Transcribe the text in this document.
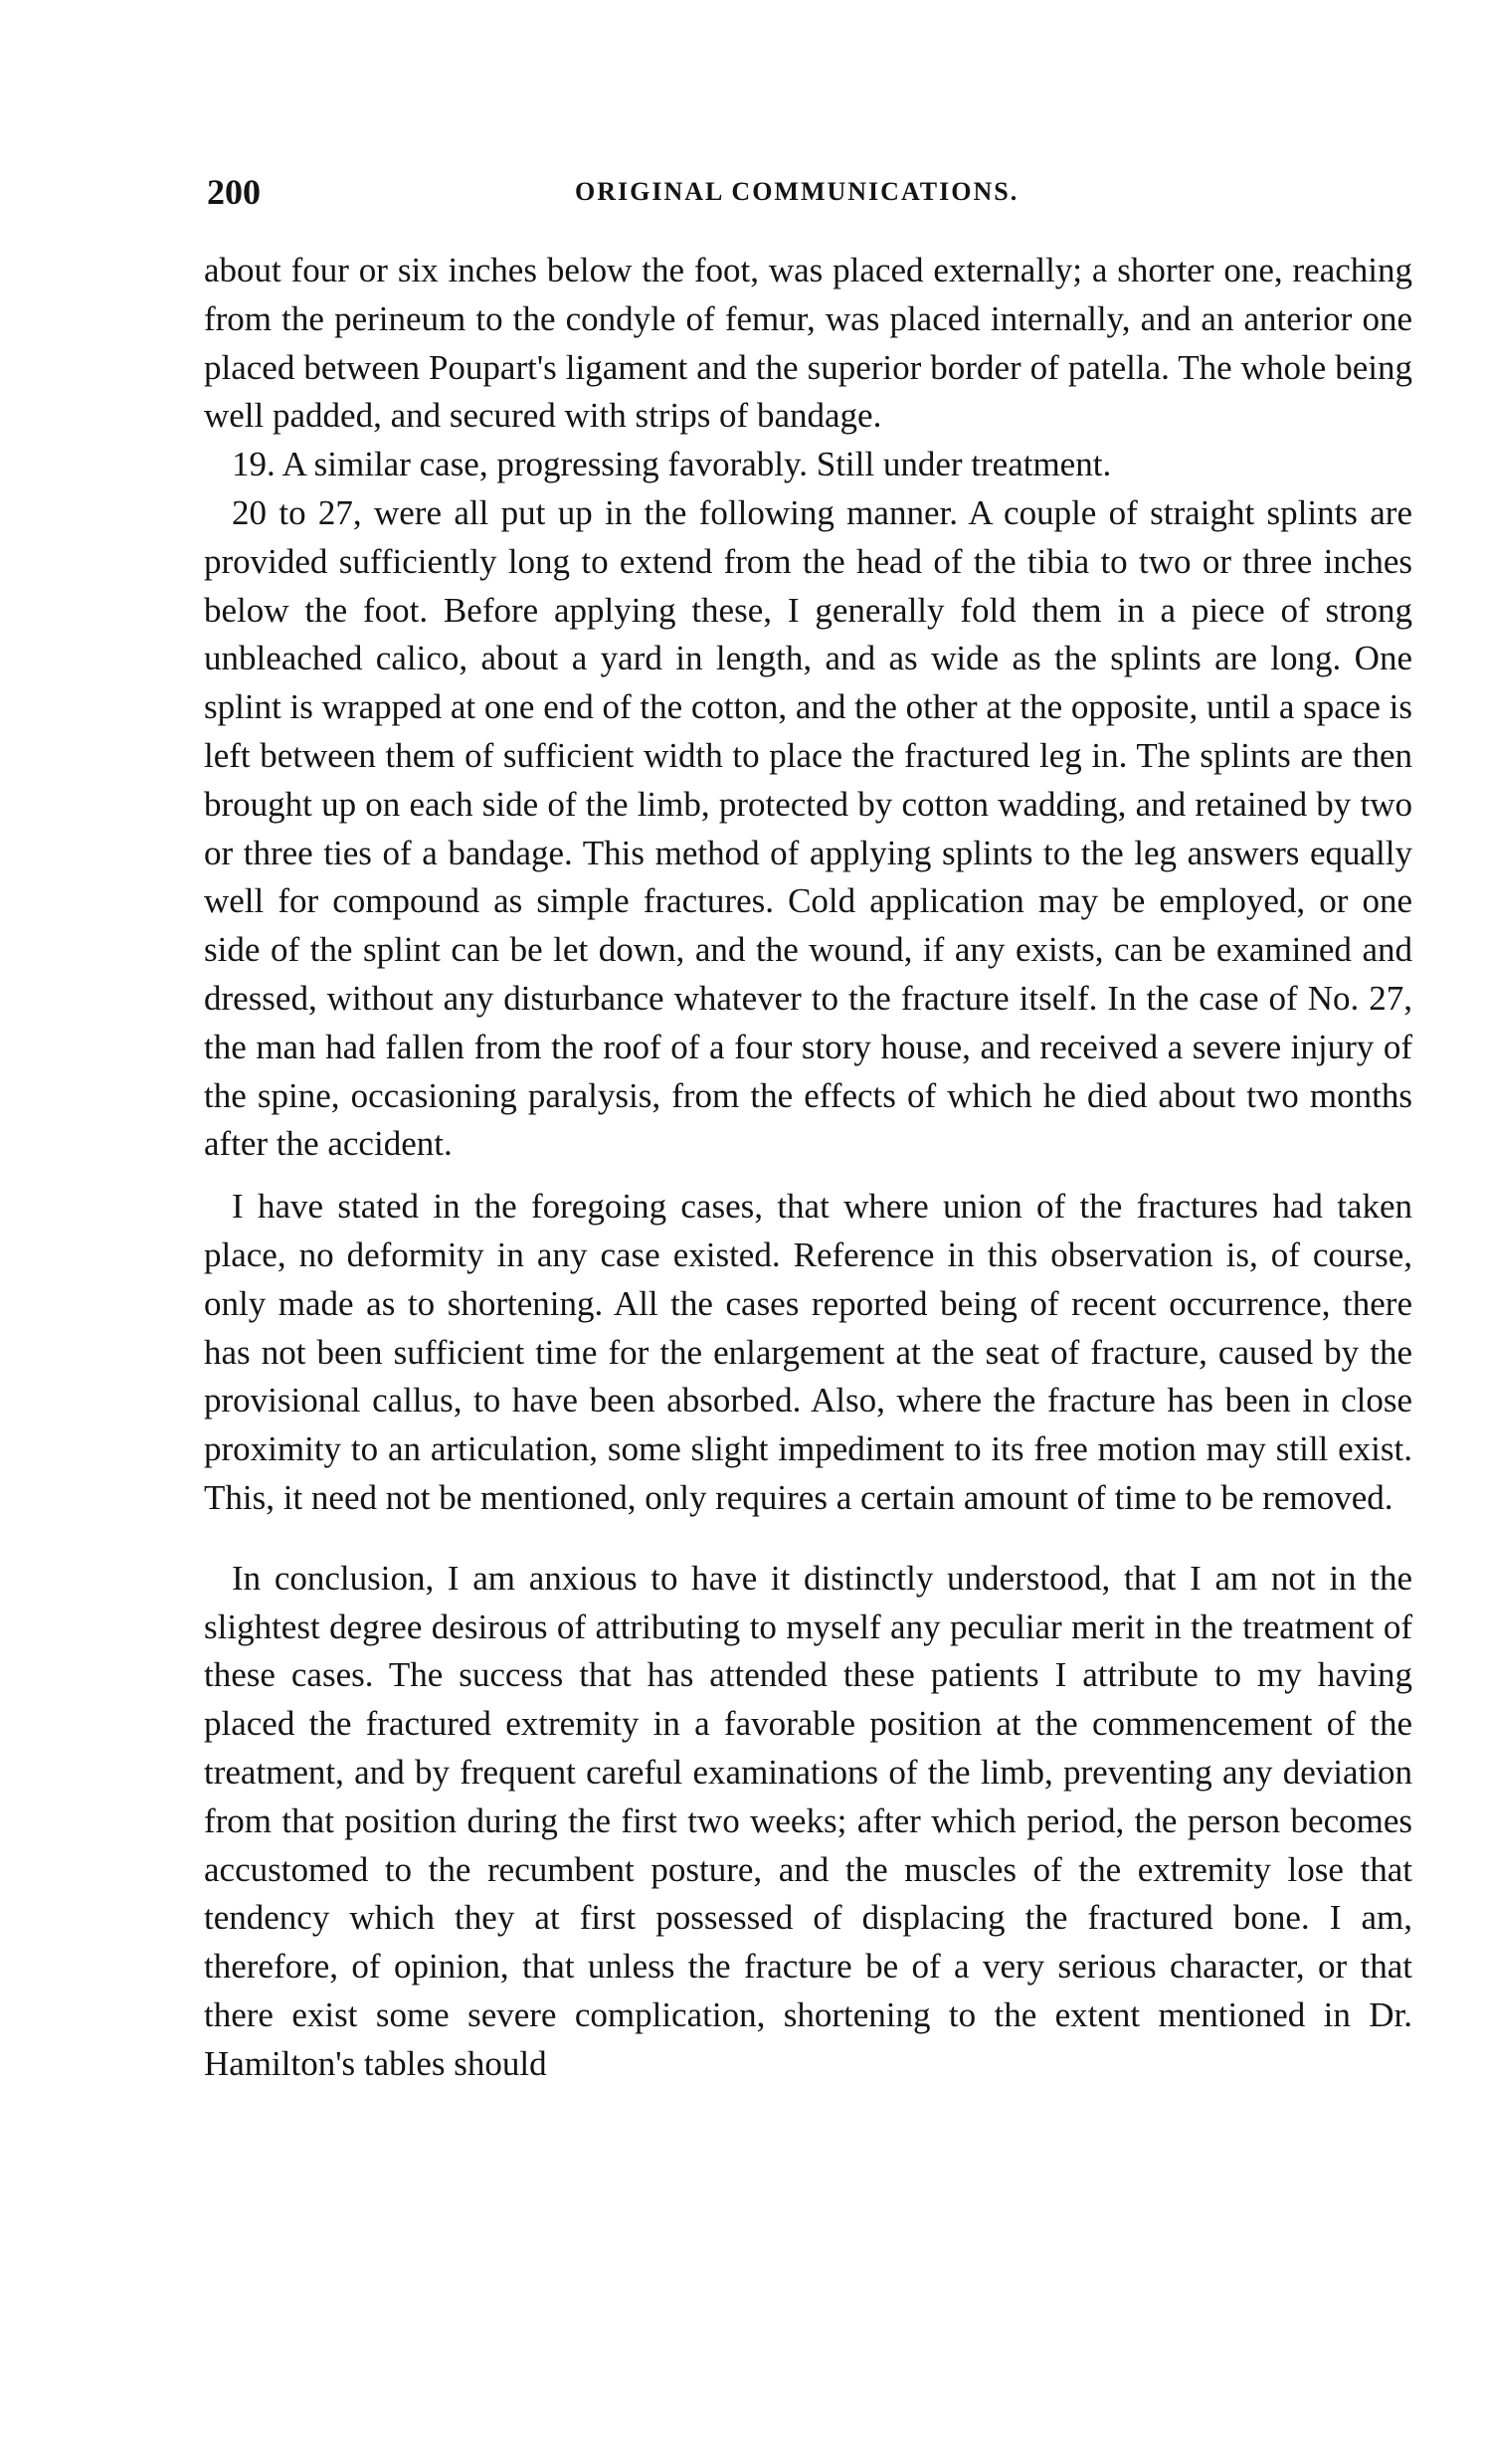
200	ORIGINAL COMMUNICATIONS.

about four or six inches below the foot, was placed externally; a shorter one, reaching from the perineum to the condyle of femur, was placed internally, and an anterior one placed between Poupart's ligament and the superior border of patella. The whole being well padded, and secured with strips of bandage.

19. A similar case, progressing favorably. Still under treatment.

20 to 27, were all put up in the following manner. A couple of straight splints are provided sufficiently long to extend from the head of the tibia to two or three inches below the foot. Before applying these, I generally fold them in a piece of strong unbleached calico, about a yard in length, and as wide as the splints are long. One splint is wrapped at one end of the cotton, and the other at the opposite, until a space is left between them of sufficient width to place the fractured leg in. The splints are then brought up on each side of the limb, protected by cotton wadding, and retained by two or three ties of a bandage. This method of applying splints to the leg answers equally well for compound as simple fractures. Cold application may be employed, or one side of the splint can be let down, and the wound, if any exists, can be examined and dressed, without any disturbance whatever to the fracture itself. In the case of No. 27, the man had fallen from the roof of a four story house, and received a severe injury of the spine, occasioning paralysis, from the effects of which he died about two months after the accident.

I have stated in the foregoing cases, that where union of the fractures had taken place, no deformity in any case existed. Reference in this observation is, of course, only made as to shortening. All the cases reported being of recent occurrence, there has not been sufficient time for the enlargement at the seat of fracture, caused by the provisional callus, to have been absorbed. Also, where the fracture has been in close proximity to an articulation, some slight impediment to its free motion may still exist. This, it need not be mentioned, only requires a certain amount of time to be removed.

In conclusion, I am anxious to have it distinctly understood, that I am not in the slightest degree desirous of attributing to myself any peculiar merit in the treatment of these cases. The success that has attended these patients I attribute to my having placed the fractured extremity in a favorable position at the commencement of the treatment, and by frequent careful examinations of the limb, preventing any deviation from that position during the first two weeks; after which period, the person becomes accustomed to the recumbent posture, and the muscles of the extremity lose that tendency which they at first possessed of displacing the fractured bone. I am, therefore, of opinion, that unless the fracture be of a very serious character, or that there exist some severe complication, shortening to the extent mentioned in Dr. Hamilton's tables should
